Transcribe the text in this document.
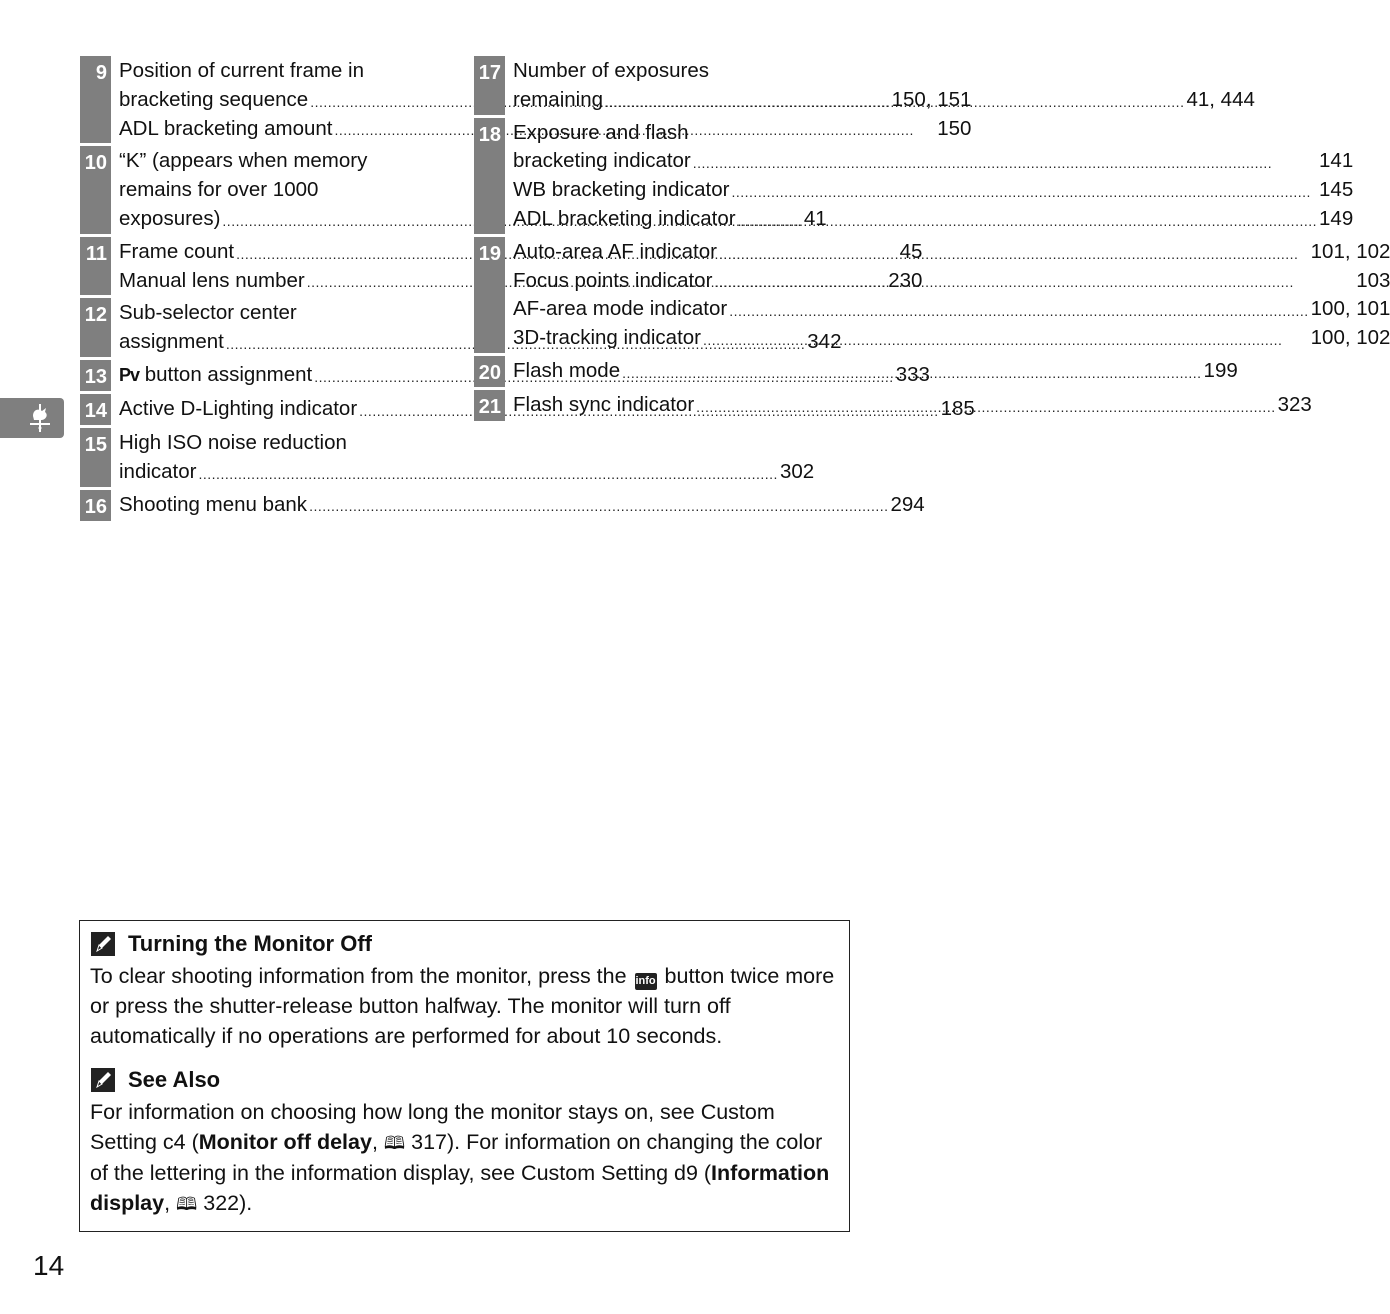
9 Position of current frame in
bracketing sequence .....	150, 151
ADL bracketing amount .....	150
10 “K” (appears when memory
remains for over 1000
exposures) .....	41
11 Frame count .....	45
Manual lens number .....	230
12 Sub-selector center
assignment .....	342
13 Pv button assignment .....	333
14 Active D-Lighting indicator .....	185
15 High ISO noise reduction
indicator .....	302
16 Shooting menu bank .....	294
17 Number of exposures
remaining .....	41, 444
18 Exposure and flash
bracketing indicator .....	141
WB bracketing indicator .....	145
ADL bracketing indicator .....	149
19 Auto-area AF indicator .....	101, 102
Focus points indicator .....	103
AF-area mode indicator .....	100, 101
3D-tracking indicator .....	100, 102
20 Flash mode .....	199
21 Flash sync indicator .....	323
Turning the Monitor Off
To clear shooting information from the monitor, press the info button twice more or press the shutter-release button halfway. The monitor will turn off automatically if no operations are performed for about 10 seconds.
See Also
For information on choosing how long the monitor stays on, see Custom Setting c4 (Monitor off delay, 🕮 317). For information on changing the color of the lettering in the information display, see Custom Setting d9 (Information display, 🕮 322).
14
